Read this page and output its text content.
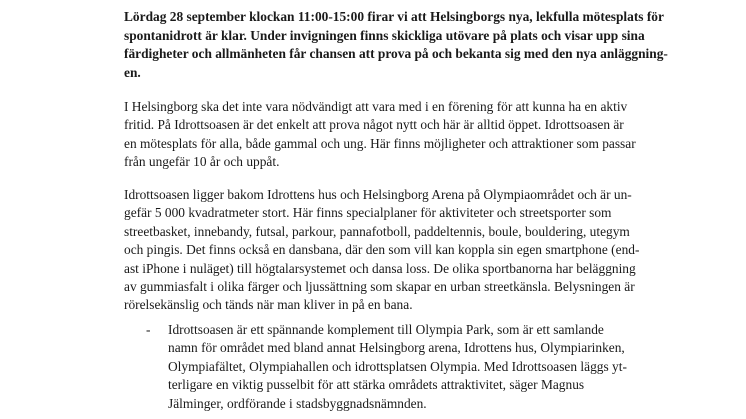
Lördag 28 september klockan 11:00-15:00 firar vi att Helsingborgs nya, lekfulla mötesplats för
spontanidrott är klar. Under invigningen finns skickliga utövare på plats och visar upp sina
färdigheter och allmänheten får chansen att prova på och bekanta sig med den nya anläggning-
en.

I Helsingborg ska det inte vara nödvändigt att vara med i en förening för att kunna ha en aktiv
fritid. På Idrottsoasen är det enkelt att prova något nytt och här är alltid öppet. Idrottsoasen är
en mötesplats för alla, både gammal och ung. Här finns möjligheter och attraktioner som passar
från ungefär 10 år och uppåt.

Idrottsoasen ligger bakom Idrottens hus och Helsingborg Arena på Olympiaområdet och är un-
gefär 5 000 kvadratmeter stort. Här finns specialplaner för aktiviteter och streetsporter som
streetbasket, innebandy, futsal, parkour, pannafotboll, paddeltennis, boule, bouldering, utegym
och pingis. Det finns också en dansbana, där den som vill kan koppla sin egen smartphone (end-
ast iPhone i nuläget) till högtalarsystemet och dansa loss. De olika sportbanorna har beläggning
av gummiasfalt i olika färger och ljussättning som skapar en urban streetkänsla. Belysningen är
rörelsekänslig och tänds när man kliver in på en bana.

- Idrottsoasen är ett spännande komplement till Olympia Park, som är ett samlande
namn för området med bland annat Helsingborg arena, Idrottens hus, Olympiarinken,
Olympiafältet, Olympiahallen och idrottsplatsen Olympia. Med Idrottsoasen läggs yt-
terligare en viktig pusselbit för att stärka områdets attraktivitet, säger Magnus
Jälminger, ordförande i stadsbyggnadsnämnden.
